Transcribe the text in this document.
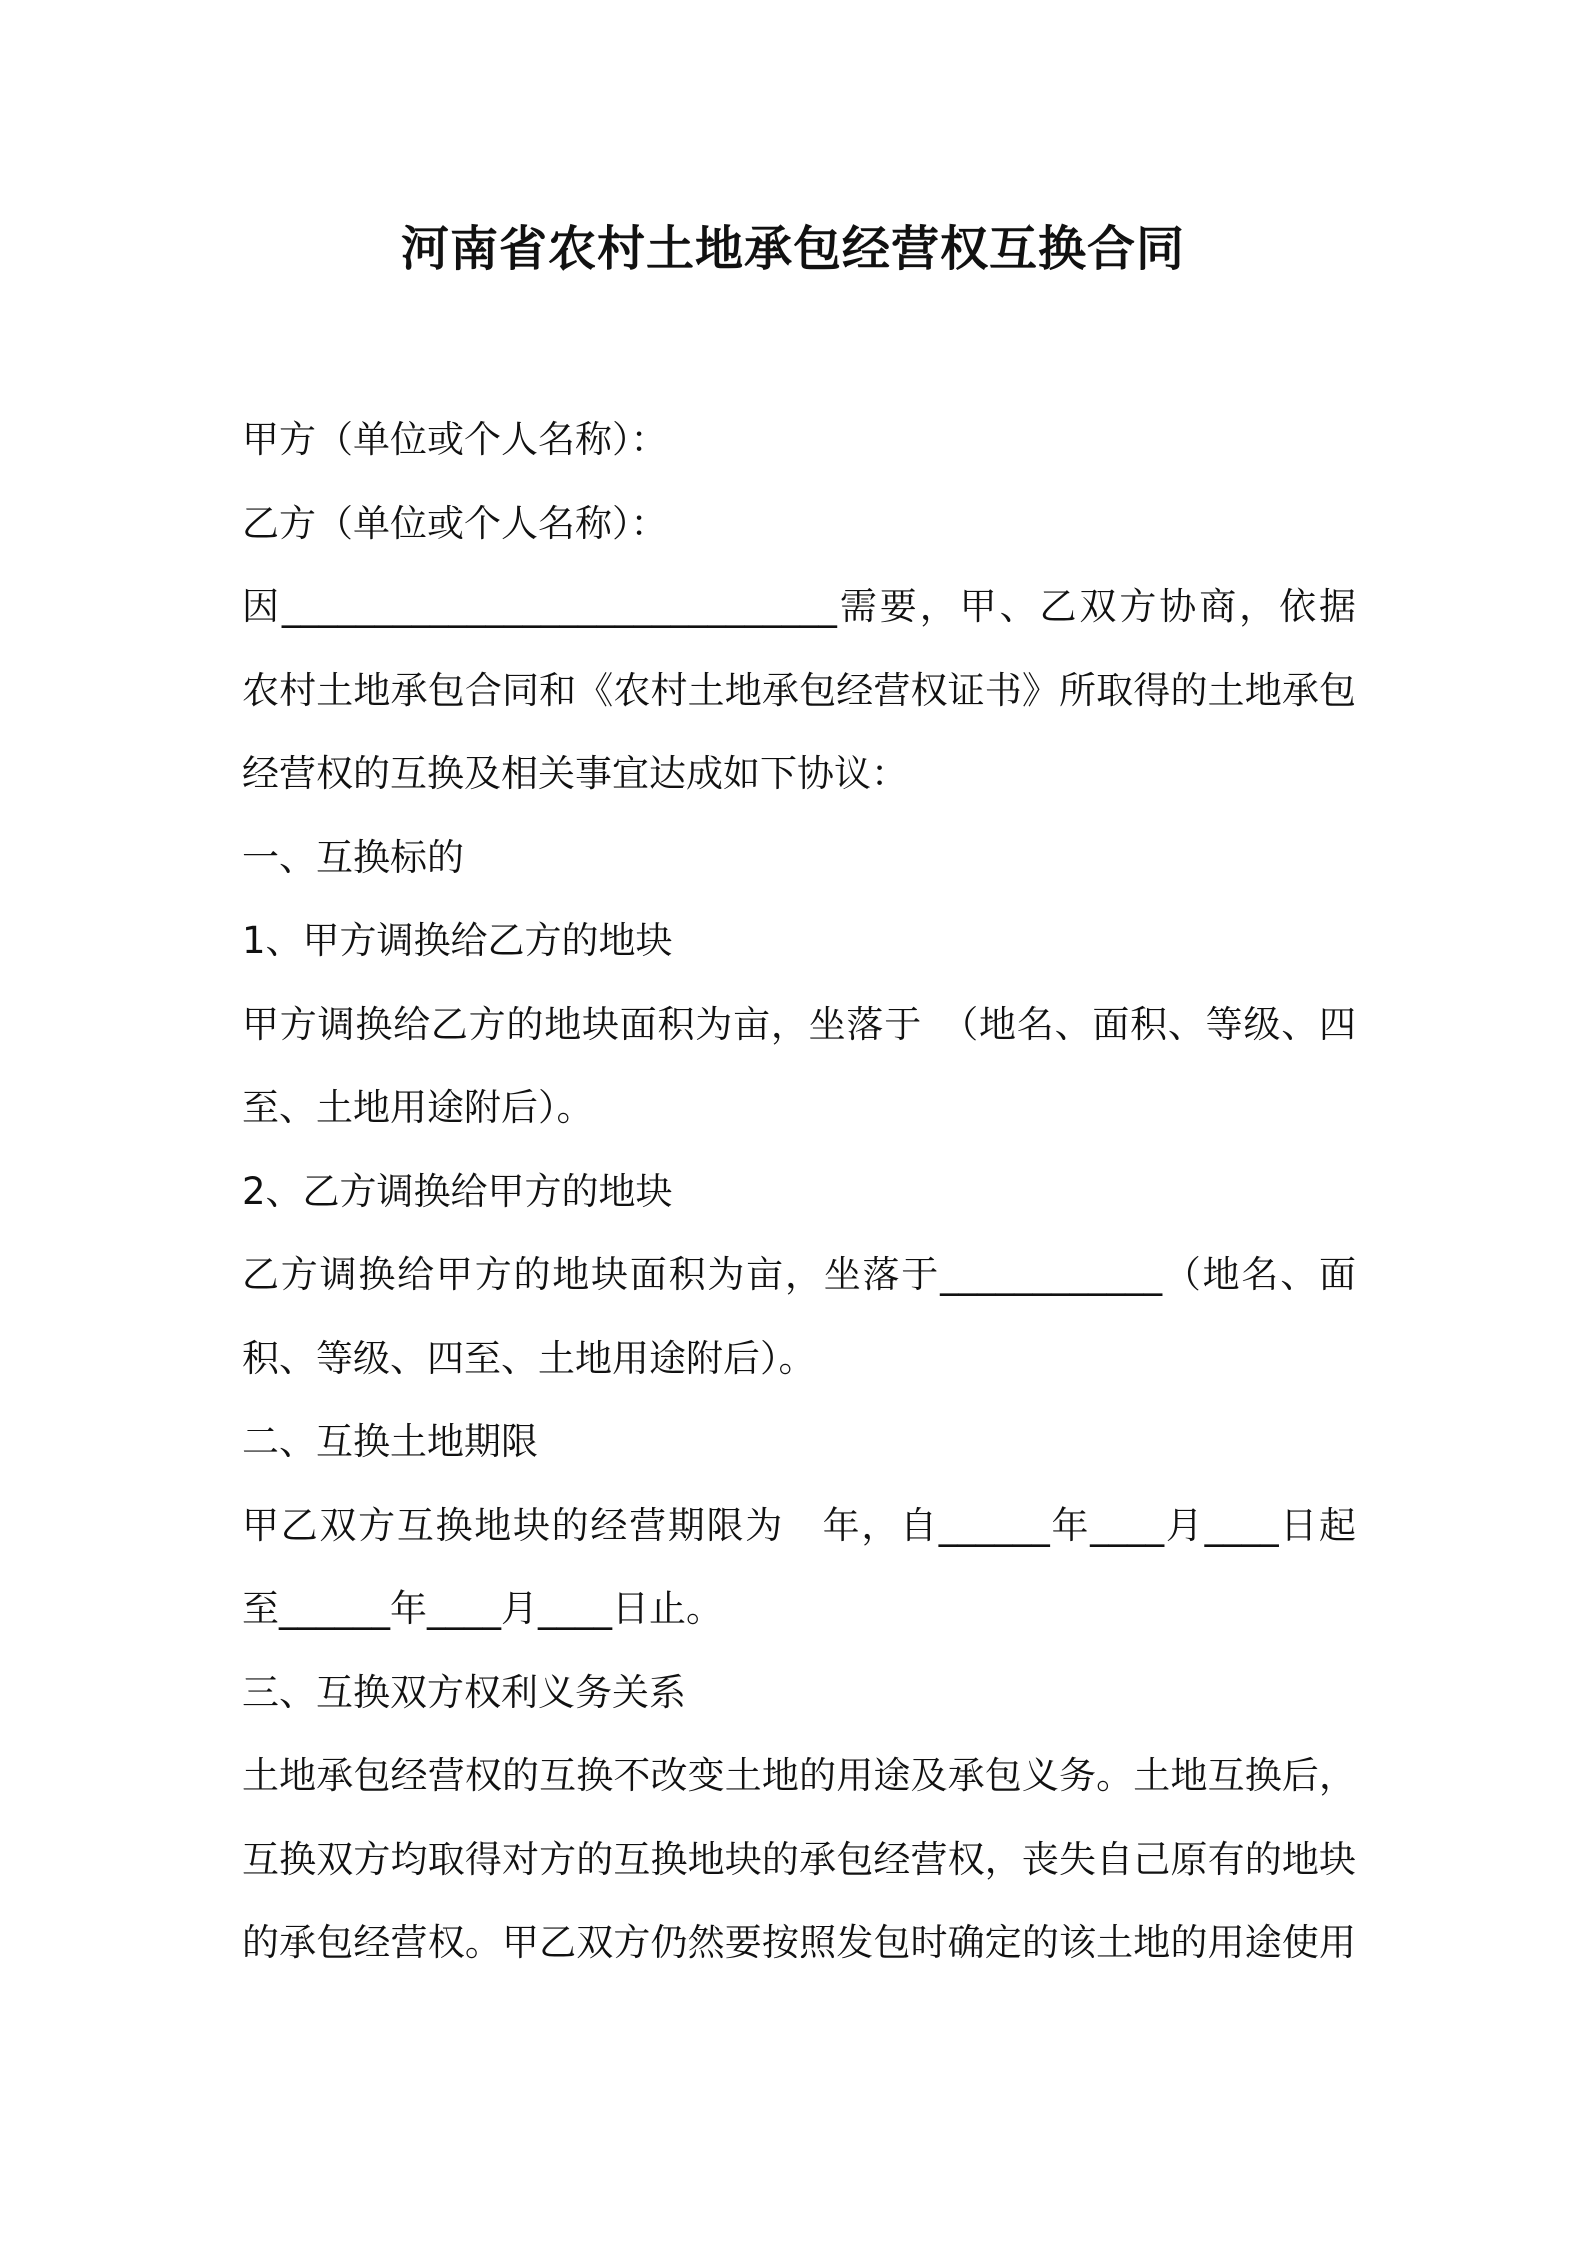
河南省农村土地承包经营权互换合同
甲方（单位或个人名称）：
乙方（单位或个人名称）：
因______________________________需要，甲、乙双方协商，依据
农村土地承包合同和《农村土地承包经营权证书》所取得的土地承包
经营权的互换及相关事宜达成如下协议：
一、互换标的
1、甲方调换给乙方的地块
甲方调换给乙方的地块面积为亩，坐落于　（地名、面积、等级、四
至、土地用途附后）。
2、乙方调换给甲方的地块
乙方调换给甲方的地块面积为亩，坐落于____________（地名、面
积、等级、四至、土地用途附后）。
二、互换土地期限
甲乙双方互换地块的经营期限为　年，自______年____月____日起
至______年____月____日止。
三、互换双方权利义务关系
土地承包经营权的互换不改变土地的用途及承包义务。土地互换后，
互换双方均取得对方的互换地块的承包经营权，丧失自己原有的地块
的承包经营权。甲乙双方仍然要按照发包时确定的该土地的用途使用
